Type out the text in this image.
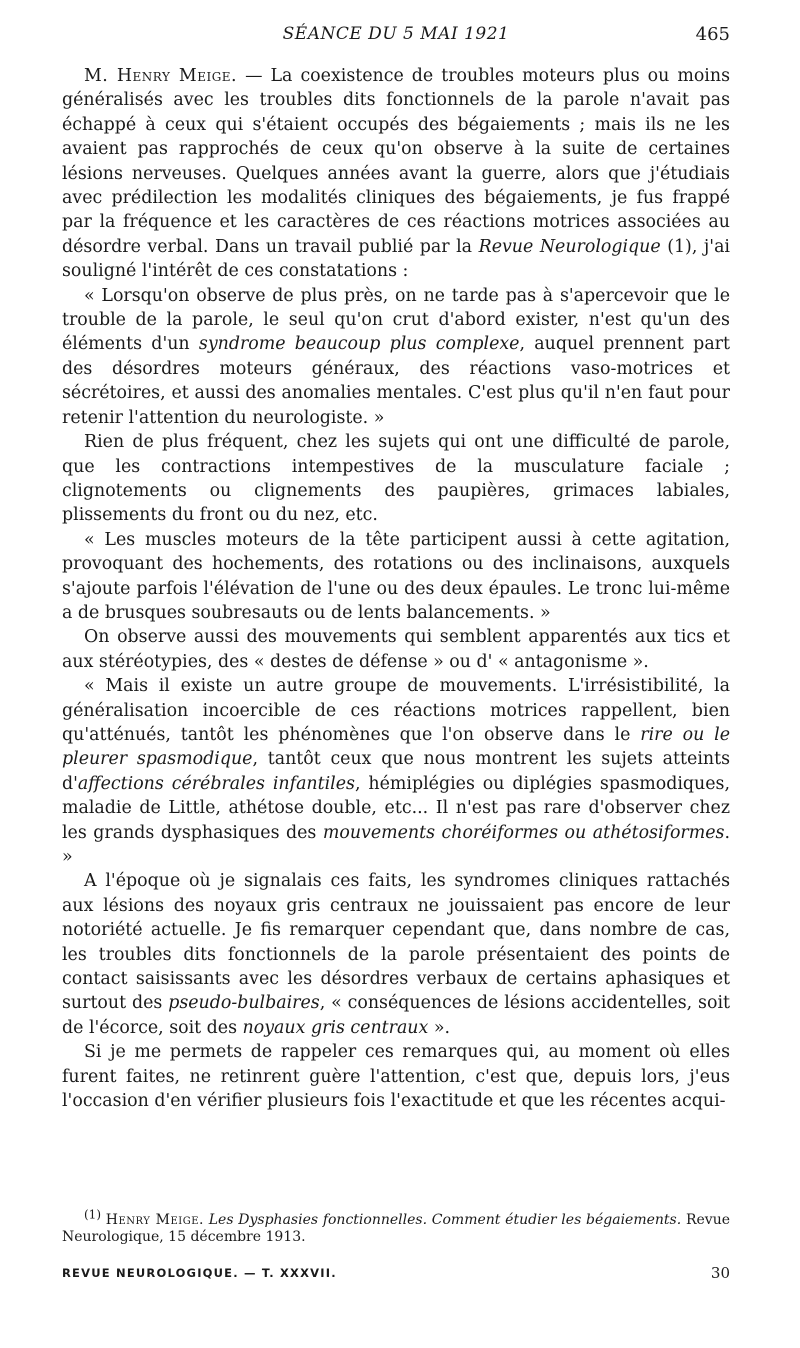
SÉANCE DU 5 MAI 1921	465

M. Henry Meige. — La coexistence de troubles moteurs plus ou moins généralisés avec les troubles dits fonctionnels de la parole n'avait pas échappé à ceux qui s'étaient occupés des bégaiements ; mais ils ne les avaient pas rapprochés de ceux qu'on observe à la suite de certaines lésions nerveuses. Quelques années avant la guerre, alors que j'étudiais avec prédilection les modalités cliniques des bégaiements, je fus frappé par la fréquence et les caractères de ces réactions motrices associées au désordre verbal. Dans un travail publié par la Revue Neurologique (1), j'ai souligné l'intérêt de ces constatations :

« Lorsqu'on observe de plus près, on ne tarde pas à s'apercevoir que le trouble de la parole, le seul qu'on crut d'abord exister, n'est qu'un des éléments d'un syndrome beaucoup plus complexe, auquel prennent part des désordres moteurs généraux, des réactions vaso-motrices et sécrétoires, et aussi des anomalies mentales. C'est plus qu'il n'en faut pour retenir l'attention du neurologiste. »

Rien de plus fréquent, chez les sujets qui ont une difficulté de parole, que les contractions intempestives de la musculature faciale ; clignotements ou clignements des paupières, grimaces labiales, plissements du front ou du nez, etc.

« Les muscles moteurs de la tête participent aussi à cette agitation, provoquant des hochements, des rotations ou des inclinaisons, auxquels s'ajoute parfois l'élévation de l'une ou des deux épaules. Le tronc lui-même a de brusques soubresauts ou de lents balancements. »

On observe aussi des mouvements qui semblent apparentés aux tics et aux stéréotypies, des « destes de défense » ou d' « antagonisme ».

« Mais il existe un autre groupe de mouvements. L'irrésistibilité, la généralisation incoercible de ces réactions motrices rappellent, bien qu'atténués, tantôt les phénomènes que l'on observe dans le rire ou le pleurer spasmodique, tantôt ceux que nous montrent les sujets atteints d'affections cérébrales infantiles, hémiplégies ou diplégies spasmodiques, maladie de Little, athétose double, etc... Il n'est pas rare d'observer chez les grands dysphasiques des mouvements choréiformes ou athétosiformes. »

A l'époque où je signalais ces faits, les syndromes cliniques rattachés aux lésions des noyaux gris centraux ne jouissaient pas encore de leur notoriété actuelle. Je fis remarquer cependant que, dans nombre de cas, les troubles dits fonctionnels de la parole présentaient des points de contact saisissants avec les désordres verbaux de certains aphasiques et surtout des pseudo-bulbaires, « conséquences de lésions accidentelles, soit de l'écorce, soit des noyaux gris centraux ».

Si je me permets de rappeler ces remarques qui, au moment où elles furent faites, ne retinrent guère l'attention, c'est que, depuis lors, j'eus l'occasion d'en vérifier plusieurs fois l'exactitude et que les récentes acqui-

(1) Henry Meige. Les Dysphasies fonctionnelles. Comment étudier les bégaiements. Revue Neurologique, 15 décembre 1913.

REVUE NEUROLOGIQUE. — T. XXXVII.	30
